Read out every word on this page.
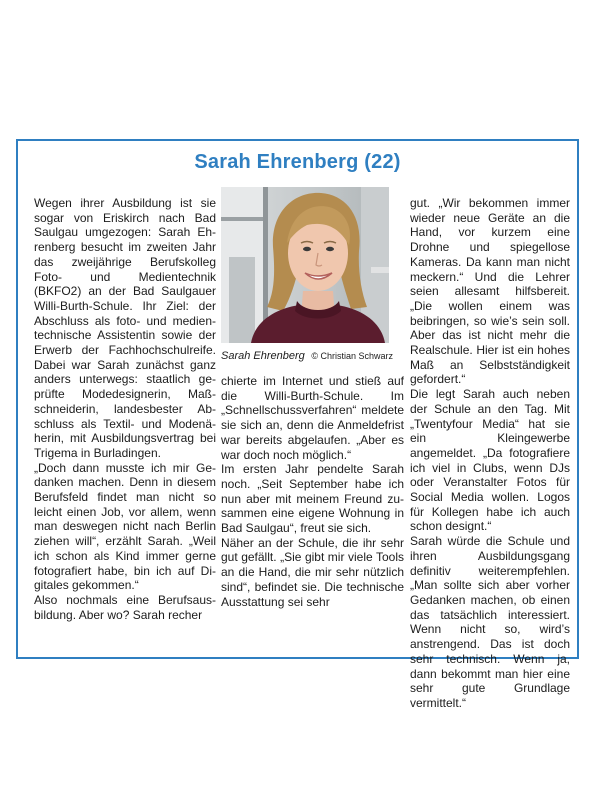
Sarah Ehrenberg (22)

Wegen ihrer Ausbildung ist sie sogar von Eriskirch nach Bad Saulgau umgezogen: Sarah Ehrenberg besucht im zweiten Jahr das zweijährige Berufskolleg Foto- und Medientechnik (BKFO2) an der Bad Saulgauer Willi-Burth-Schule. Ihr Ziel: der Abschluss als foto- und medientechnische Assistentin sowie der Erwerb der Fachhochschulreife. Dabei war Sarah zunächst ganz anders unterwegs: staatlich geprüfte Modedesignerin, Maßschneiderin, landesbester Abschluss als Textil- und Modenäherin, mit Ausbildungsvertrag bei Trigema in Burladingen.

„Doch dann musste ich mir Gedanken machen. Denn in diesem Berufsfeld findet man nicht so leicht einen Job, vor allem, wenn man deswegen nicht nach Berlin ziehen will“, erzählt Sarah. „Weil ich schon als Kind immer gerne fotografiert habe, bin ich auf Digitales gekommen.“

Also nochmals eine Berufsausbildung. Aber wo? Sarah recher

Sarah Ehrenberg © Christian Schwarz

chierte im Internet und stieß auf die Willi-Burth-Schule. Im „Schnellschussverfahren“ meldete sie sich an, denn die Anmeldefrist war bereits abgelaufen. „Aber es war doch noch möglich.“

Im ersten Jahr pendelte Sarah noch. „Seit September habe ich nun aber mit meinem Freund zusammen eine eigene Wohnung in Bad Saulgau“, freut sie sich.

Näher an der Schule, die ihr sehr gut gefällt. „Sie gibt mir viele Tools an die Hand, die mir sehr nützlich sind“, befindet sie. Die technische Ausstattung sei sehr

gut. „Wir bekommen immer wieder neue Geräte an die Hand, vor kurzem eine Drohne und spiegellose Kameras. Da kann man nicht meckern.“ Und die Lehrer seien allesamt hilfsbereit. „Die wollen einem was beibringen, so wie’s sein soll. Aber das ist nicht mehr die Realschule. Hier ist ein hohes Maß an Selbstständigkeit gefordert.“

Die legt Sarah auch neben der Schule an den Tag. Mit „Twentyfour Media“ hat sie ein Kleingewerbe angemeldet. „Da fotografiere ich viel in Clubs, wenn DJs oder Veranstalter Fotos für Social Media wollen. Logos für Kollegen habe ich auch schon designt.“

Sarah würde die Schule und ihren Ausbildungsgang definitiv weiterempfehlen. „Man sollte sich aber vorher Gedanken machen, ob einen das tatsächlich interessiert. Wenn nicht so, wird’s anstrengend. Das ist doch sehr technisch. Wenn ja, dann bekommt man hier eine sehr gute Grundlage vermittelt.“
